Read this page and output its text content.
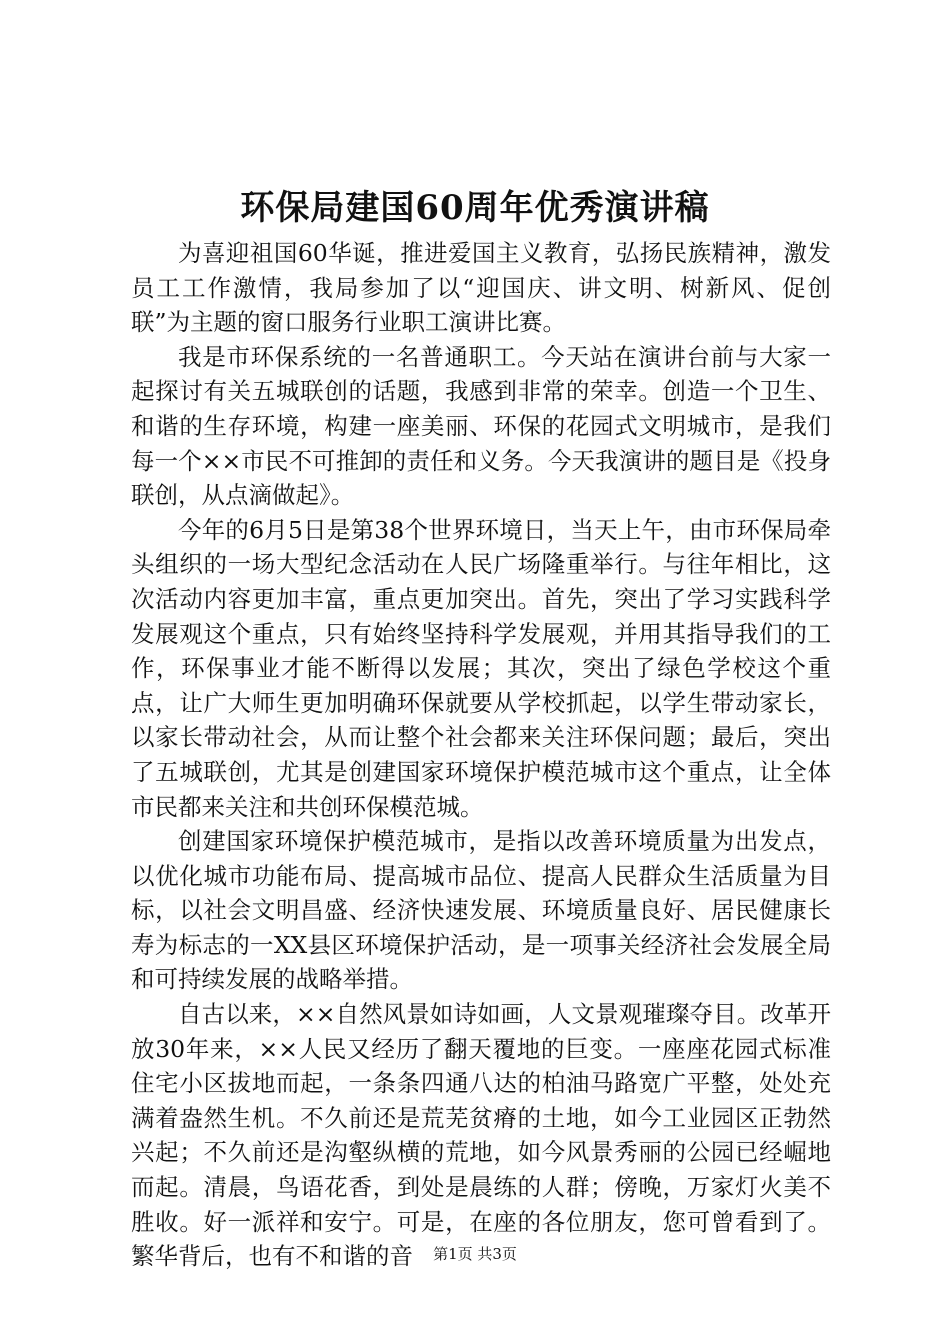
环保局建国60周年优秀演讲稿

为喜迎祖国60华诞，推进爱国主义教育，弘扬民族精神，激发员工工作激情，我局参加了以“迎国庆、讲文明、树新风、促创联”为主题的窗口服务行业职工演讲比赛。

我是市环保系统的一名普通职工。今天站在演讲台前与大家一起探讨有关五城联创的话题，我感到非常的荣幸。创造一个卫生、和谐的生存环境，构建一座美丽、环保的花园式文明城市，是我们每一个××市民不可推卸的责任和义务。今天我演讲的题目是《投身联创，从点滴做起》。

今年的6月5日是第38个世界环境日，当天上午，由市环保局牵头组织的一场大型纪念活动在人民广场隆重举行。与往年相比，这次活动内容更加丰富，重点更加突出。首先，突出了学习实践科学发展观这个重点，只有始终坚持科学发展观，并用其指导我们的工作，环保事业才能不断得以发展；其次，突出了绿色学校这个重点，让广大师生更加明确环保就要从学校抓起，以学生带动家长，以家长带动社会，从而让整个社会都来关注环保问题；最后，突出了五城联创，尤其是创建国家环境保护模范城市这个重点，让全体市民都来关注和共创环保模范城。

创建国家环境保护模范城市，是指以改善环境质量为出发点，以优化城市功能布局、提高城市品位、提高人民群众生活质量为目标，以社会文明昌盛、经济快速发展、环境质量良好、居民健康长寿为标志的一XX县区环境保护活动，是一项事关经济社会发展全局和可持续发展的战略举措。

自古以来，××自然风景如诗如画，人文景观璀璨夺目。改革开放30年来，××人民又经历了翻天覆地的巨变。一座座花园式标准住宅小区拔地而起，一条条四通八达的柏油马路宽广平整，处处充满着盎然生机。不久前还是荒芜贫瘠的土地，如今工业园区正勃然兴起；不久前还是沟壑纵横的荒地，如今风景秀丽的公园已经崛地而起。清晨，鸟语花香，到处是晨练的人群；傍晚，万家灯火美不胜收。好一派祥和安宁。可是，在座的各位朋友，您可曾看到了。繁华背后，也有不和谐的音	第1页 共3页
